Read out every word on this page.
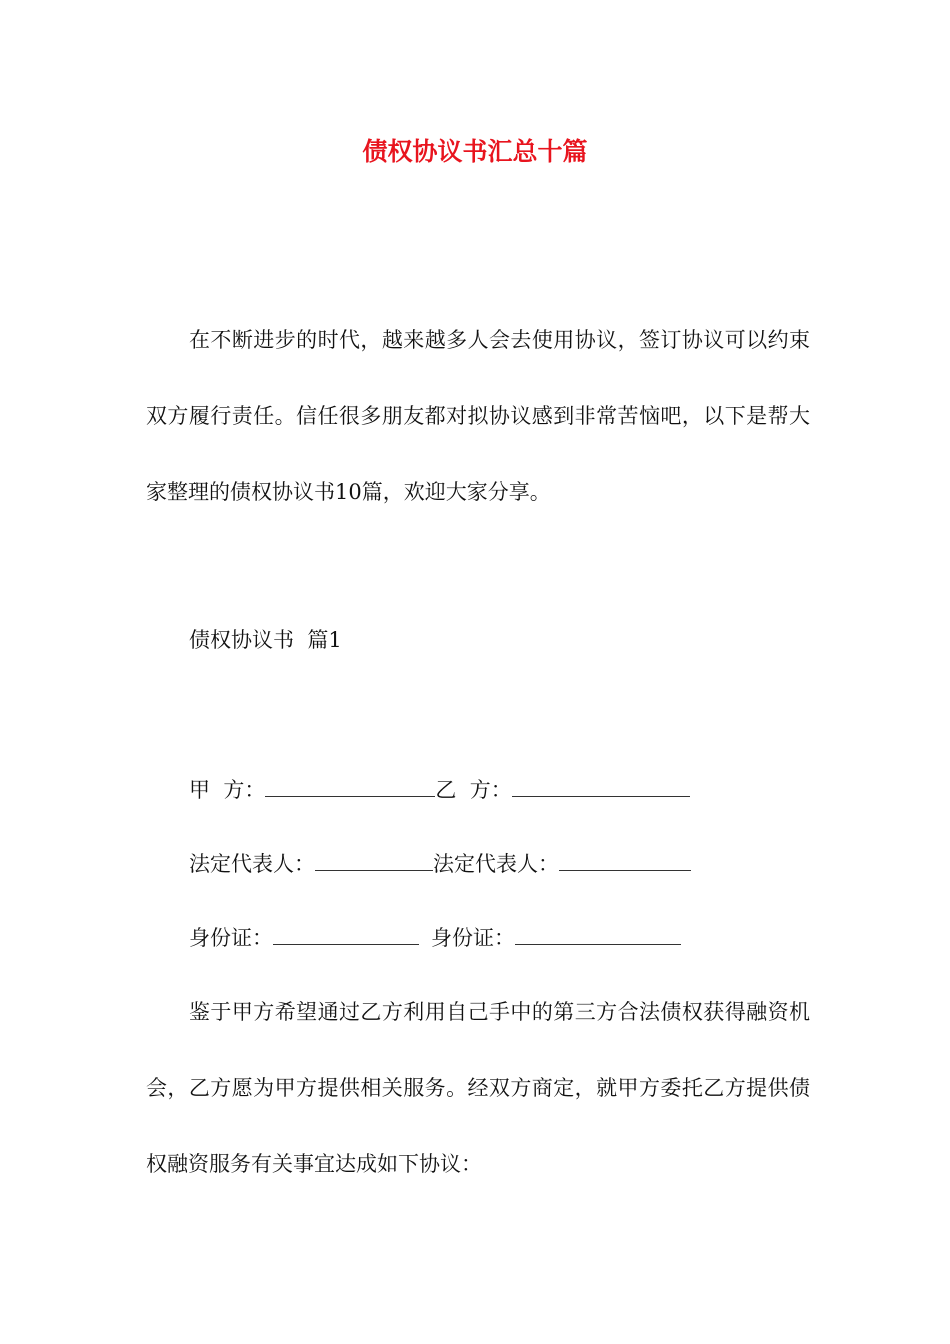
债权协议书汇总十篇

在不断进步的时代，越来越多人会去使用协议，签订协议可以约束双方履行责任。信任很多朋友都对拟协议感到非常苦恼吧，以下是帮大家整理的债权协议书10篇，欢迎大家分享。

债权协议书  篇1
甲  方：	乙  方：
法定代表人：	法定代表人：
身份证：	身份证：

鉴于甲方希望通过乙方利用自己手中的第三方合法债权获得融资机会，乙方愿为甲方提供相关服务。经双方商定，就甲方委托乙方提供债权融资服务有关事宜达成如下协议：
